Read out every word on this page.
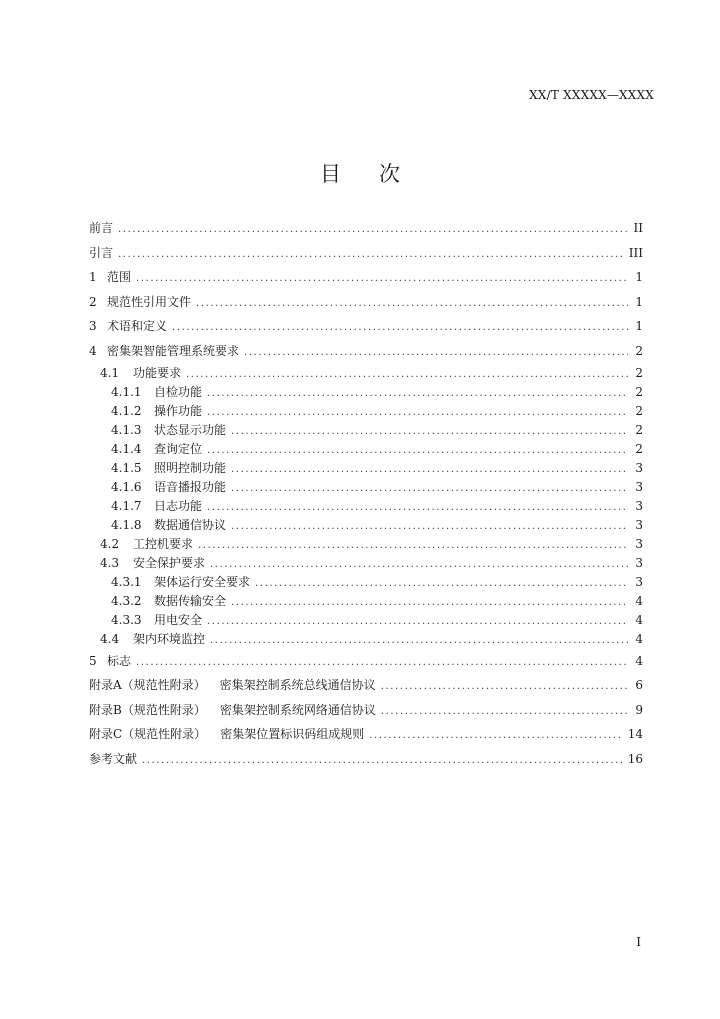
XX/T XXXXX—XXXX
目次
前言 .....	II
引言 .....	III
1 范围 .....	1
2 规范性引用文件 .....	1
3 术语和定义 .....	1
4 密集架智能管理系统要求 .....	2
4.1	功能要求 .....	2
4.1.1	自检功能 .....	2
4.1.2	操作功能 .....	2
4.1.3	状态显示功能 .....	2
4.1.4	查询定位 .....	2
4.1.5	照明控制功能 .....	3
4.1.6	语音播报功能 .....	3
4.1.7	日志功能 .....	3
4.1.8	数据通信协议 .....	3
4.2	工控机要求 .....	3
4.3	安全保护要求 .....	3
4.3.1	架体运行安全要求 .....	3
4.3.2	数据传输安全 .....	4
4.3.3	用电安全 .....	4
4.4	架内环境监控 .....	4
5 标志 .....	4
附录A（规范性附录） 密集架控制系统总线通信协议 .....	6
附录B（规范性附录） 密集架控制系统网络通信协议 .....	9
附录C（规范性附录） 密集架位置标识码组成规则 .....	14
参考文献 .....	16
I
